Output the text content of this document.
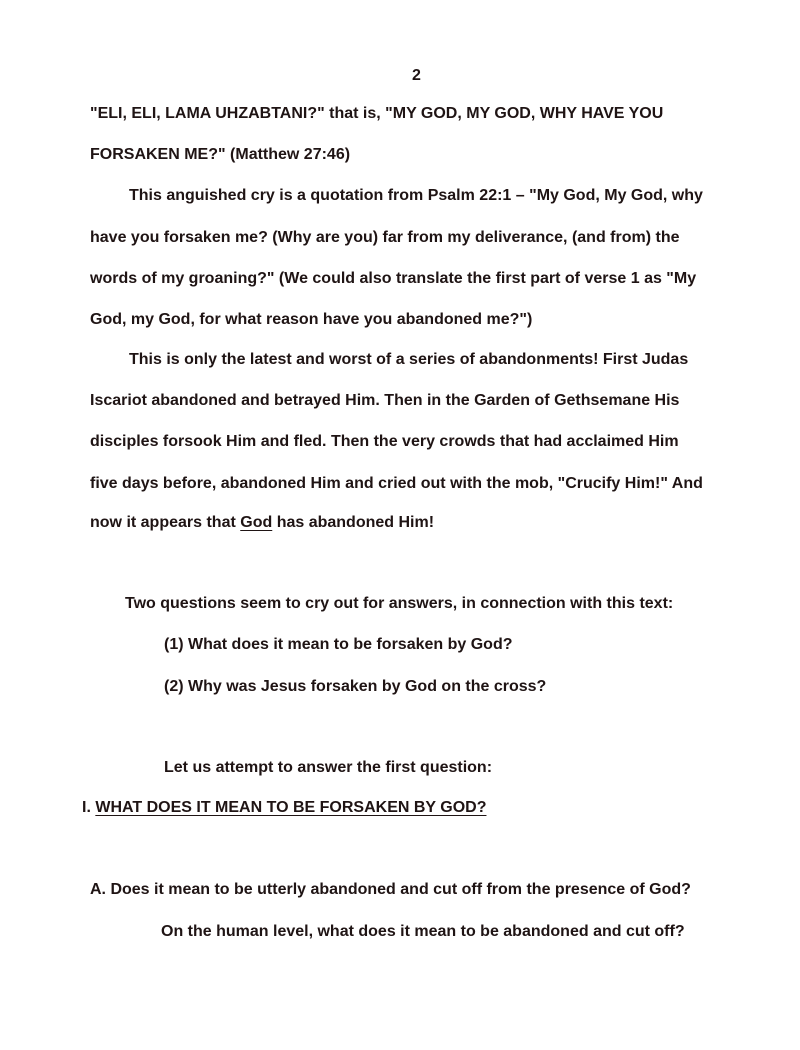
2
"ELI, ELI, LAMA UHZABTANI?" that is, "MY GOD, MY GOD, WHY HAVE YOU
FORSAKEN ME?" (Matthew 27:46)
This anguished cry is a quotation from Psalm 22:1 – "My God, My God, why
have you forsaken me? (Why are you) far from my deliverance, (and from) the
words of my groaning?" (We could also translate the first part of verse 1 as "My
God, my God, for what reason have you abandoned me?")
This is only the latest and worst of a series of abandonments! First Judas
Iscariot abandoned and betrayed Him. Then in the Garden of Gethsemane His
disciples forsook Him and fled. Then the very crowds that had acclaimed Him
five days before, abandoned Him and cried out with the mob, "Crucify Him!" And
now it appears that God has abandoned Him!
Two questions seem to cry out for answers, in connection with this text:
(1) What does it mean to be forsaken by God?
(2) Why was Jesus forsaken by God on the cross?
Let us attempt to answer the first question:
I. WHAT DOES IT MEAN TO BE FORSAKEN BY GOD?
A. Does it mean to be utterly abandoned and cut off from the presence of God?
On the human level, what does it mean to be abandoned and cut off?
